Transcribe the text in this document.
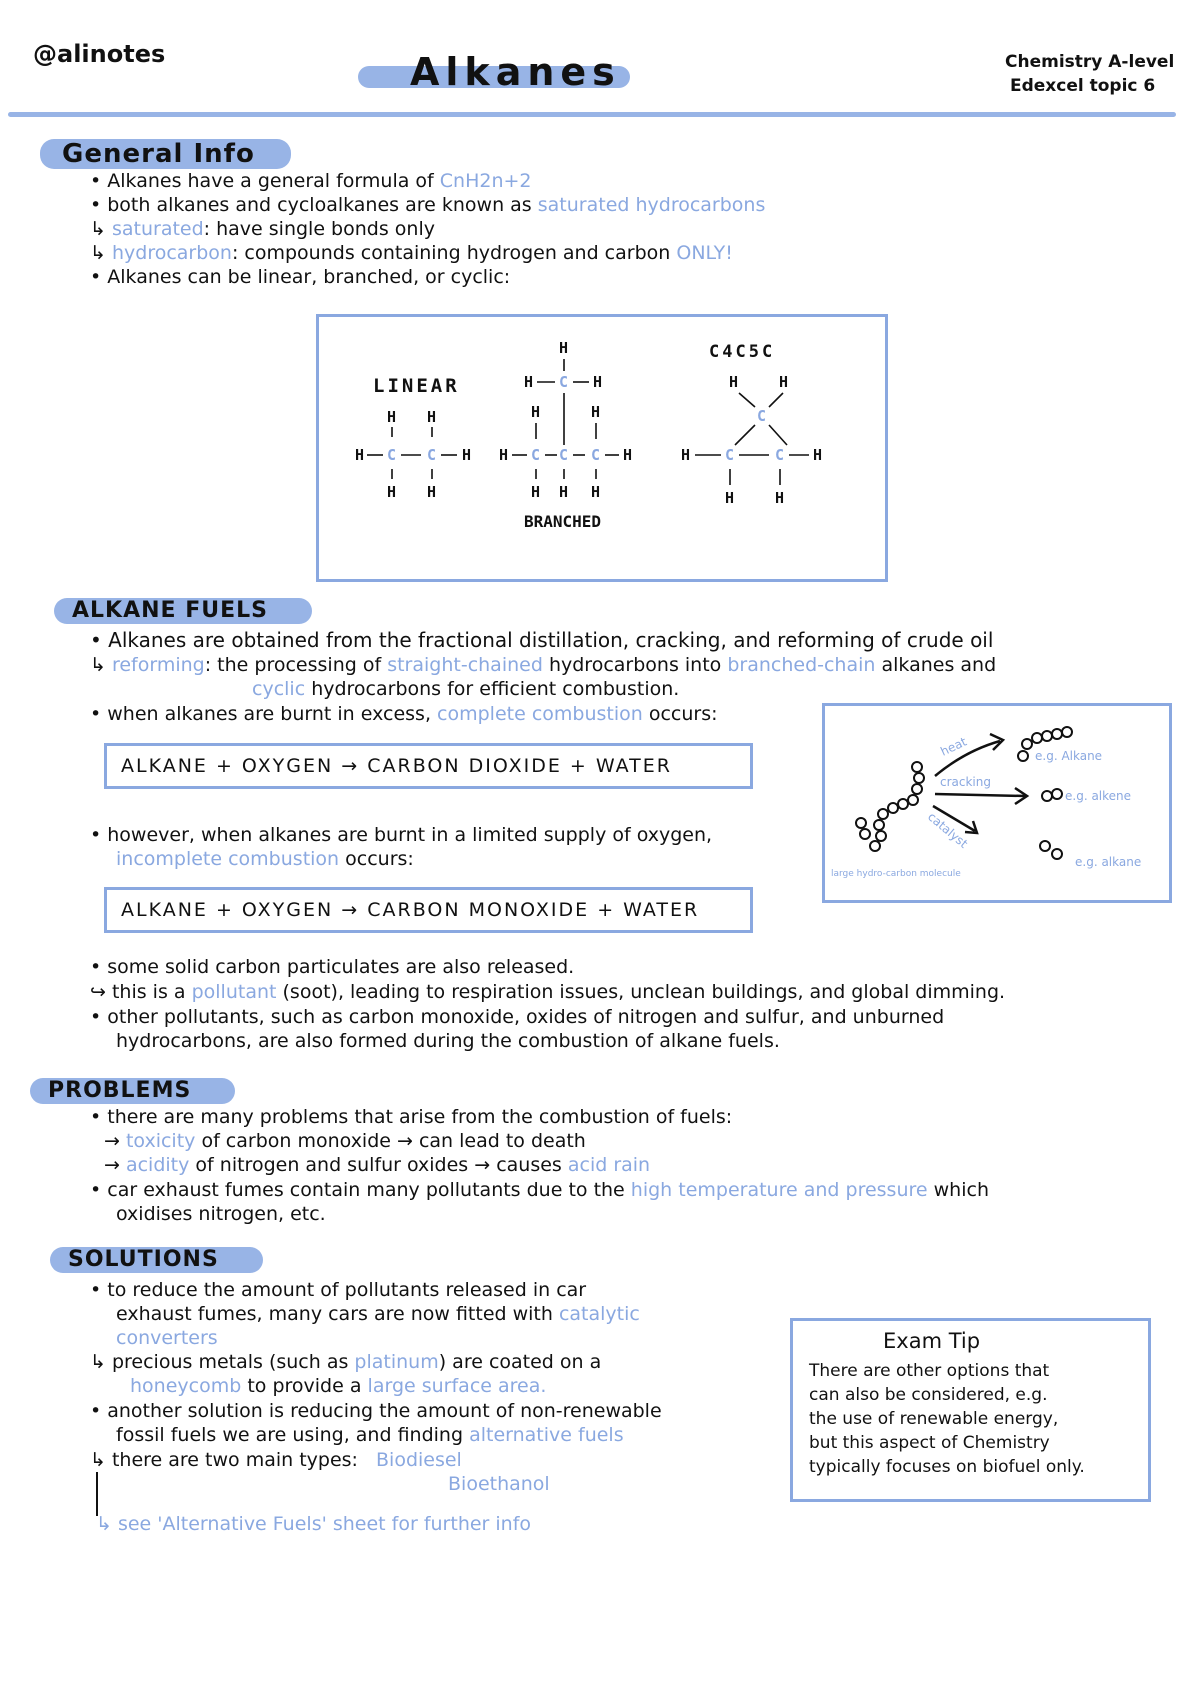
@alinotes	Alkanes	Chemistry A-level
Edexcel topic 6
General Info
• Alkanes have a general formula of CnH2n+2
• both alkanes and cycloalkanes are known as saturated hydrocarbons
↳ saturated: have single bonds only
↳ hydrocarbon: compounds containing hydrogen and carbon ONLY!
• Alkanes can be linear, branched, or cyclic:
LINEAR
H H
H C C H
H H
H
H C H
H	H
H C C C H
H H H
BRANCHED
C4C5C
H	H
C
H C	C H
H	H
ALKANE FUELS
• Alkanes are obtained from the fractional distillation, cracking, and reforming of crude oil
↳ reforming: the processing of straight-chained hydrocarbons into branched-chain alkanes and
cyclic hydrocarbons for efficient combustion.
• when alkanes are burnt in excess, complete combustion occurs:
ALKANE + OXYGEN → CARBON DIOXIDE + WATER
• however, when alkanes are burnt in a limited supply of oxygen,
incomplete combustion occurs:
ALKANE + OXYGEN → CARBON MONOXIDE + WATER
heat
cracking
catalyst
e.g. Alkane
e.g. alkene
e.g. alkane
large hydro-carbon molecule
• some solid carbon particulates are also released.
↪ this is a pollutant (soot), leading to respiration issues, unclean buildings, and global dimming.
• other pollutants, such as carbon monoxide, oxides of nitrogen and sulfur, and unburned
hydrocarbons, are also formed during the combustion of alkane fuels.
PROBLEMS
• there are many problems that arise from the combustion of fuels:
→ toxicity of carbon monoxide → can lead to death
→ acidity of nitrogen and sulfur oxides → causes acid rain
• car exhaust fumes contain many pollutants due to the high temperature and pressure which
oxidises nitrogen, etc.
SOLUTIONS
• to reduce the amount of pollutants released in car
exhaust fumes, many cars are now fitted with catalytic
converters
↳ precious metals (such as platinum) are coated on a
honeycomb to provide a large surface area.
• another solution is reducing the amount of non-renewable
fossil fuels we are using, and finding alternative fuels
↳ there are two main types: Biodiesel
Bioethanol
↳ see 'Alternative Fuels' sheet for further info
Exam Tip
There are other options that
can also be considered, e.g.
the use of renewable energy,
but this aspect of Chemistry
typically focuses on biofuel only.
